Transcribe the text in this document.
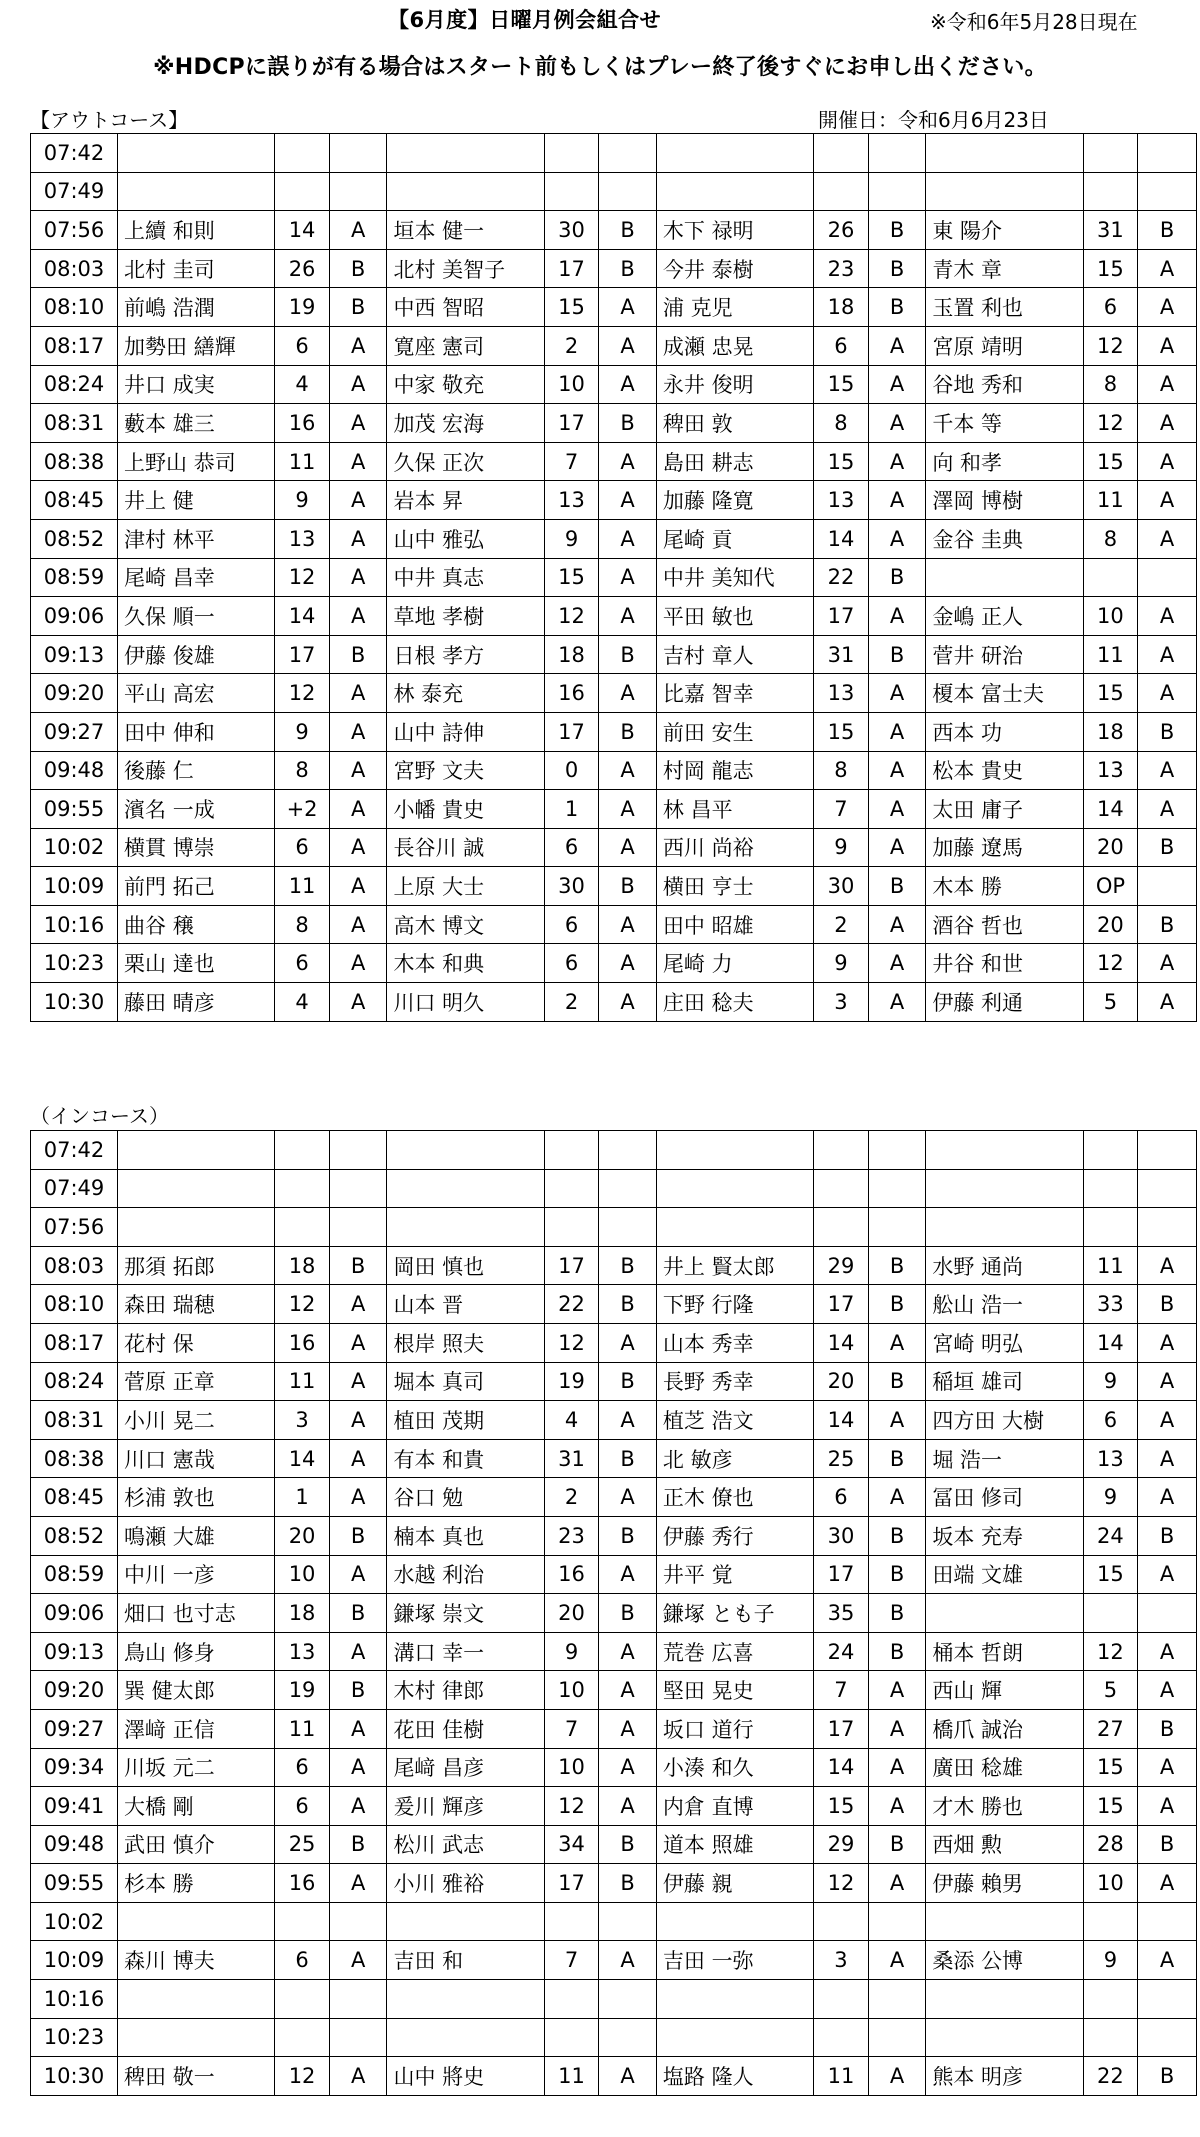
【6月度】日曜月例会組合せ	※令和6年5月28日現在
※HDCPに誤りが有る場合はスタート前もしくはプレー終了後すぐにお申し出ください。
【アウトコース】	開催日：令和6月6月23日
07:42												
07:49												
07:56	上續 和則	14	A	垣本 健一	30	B	木下 禄明	26	B	東 陽介	31	B
08:03	北村 圭司	26	B	北村 美智子	17	B	今井 泰樹	23	B	青木 章	15	A
08:10	前嶋 浩潤	19	B	中西 智昭	15	A	浦 克児	18	B	玉置 利也	6	A
08:17	加勢田 繕輝	6	A	寛座 憲司	2	A	成瀬 忠晃	6	A	宮原 靖明	12	A
08:24	井口 成実	4	A	中家 敬充	10	A	永井 俊明	15	A	谷地 秀和	8	A
08:31	藪本 雄三	16	A	加茂 宏海	17	B	稗田 敦	8	A	千本 等	12	A
08:38	上野山 恭司	11	A	久保 正次	7	A	島田 耕志	15	A	向 和孝	15	A
08:45	井上 健	9	A	岩本 昇	13	A	加藤 隆寛	13	A	澤岡 博樹	11	A
08:52	津村 林平	13	A	山中 雅弘	9	A	尾崎 貢	14	A	金谷 圭典	8	A
08:59	尾崎 昌幸	12	A	中井 真志	15	A	中井 美知代	22	B			
09:06	久保 順一	14	A	草地 孝樹	12	A	平田 敏也	17	A	金嶋 正人	10	A
09:13	伊藤 俊雄	17	B	日根 孝方	18	B	吉村 章人	31	B	菅井 研治	11	A
09:20	平山 高宏	12	A	林 泰充	16	A	比嘉 智幸	13	A	榎本 富士夫	15	A
09:27	田中 伸和	9	A	山中 詩伸	17	B	前田 安生	15	A	西本 功	18	B
09:48	後藤 仁	8	A	宮野 文夫	0	A	村岡 龍志	8	A	松本 貴史	13	A
09:55	濱名 一成	+2	A	小幡 貴史	1	A	林 昌平	7	A	太田 庸子	14	A
10:02	横貫 博崇	6	A	長谷川 誠	6	A	西川 尚裕	9	A	加藤 遼馬	20	B
10:09	前門 拓己	11	A	上原 大士	30	B	横田 亨士	30	B	木本 勝	OP	
10:16	曲谷 穣	8	A	高木 博文	6	A	田中 昭雄	2	A	酒谷 哲也	20	B
10:23	栗山 達也	6	A	木本 和典	6	A	尾崎 力	9	A	井谷 和世	12	A
10:30	藤田 晴彦	4	A	川口 明久	2	A	庄田 稔夫	3	A	伊藤 利通	5	A
（インコース）
07:42												
07:49												
07:56												
08:03	那須 拓郎	18	B	岡田 慎也	17	B	井上 賢太郎	29	B	水野 通尚	11	A
08:10	森田 瑞穂	12	A	山本 晋	22	B	下野 行隆	17	B	舩山 浩一	33	B
08:17	花村 保	16	A	根岸 照夫	12	A	山本 秀幸	14	A	宮崎 明弘	14	A
08:24	菅原 正章	11	A	堀本 真司	19	B	長野 秀幸	20	B	稲垣 雄司	9	A
08:31	小川 晃二	3	A	植田 茂期	4	A	植芝 浩文	14	A	四方田 大樹	6	A
08:38	川口 憲哉	14	A	有本 和貴	31	B	北 敏彦	25	B	堀 浩一	13	A
08:45	杉浦 敦也	1	A	谷口 勉	2	A	正木 僚也	6	A	冨田 修司	9	A
08:52	鳴瀬 大雄	20	B	楠本 真也	23	B	伊藤 秀行	30	B	坂本 充寿	24	B
08:59	中川 一彦	10	A	水越 利治	16	A	井平 覚	17	B	田端 文雄	15	A
09:06	畑口 也寸志	18	B	鎌塚 崇文	20	B	鎌塚 とも子	35	B			
09:13	鳥山 修身	13	A	溝口 幸一	9	A	荒巻 広喜	24	B	桶本 哲朗	12	A
09:20	巽 健太郎	19	B	木村 律郎	10	A	堅田 晃史	7	A	西山 輝	5	A
09:27	澤﨑 正信	11	A	花田 佳樹	7	A	坂口 道行	17	A	橋爪 誠治	27	B
09:34	川坂 元二	6	A	尾﨑 昌彦	10	A	小湊 和久	14	A	廣田 稔雄	15	A
09:41	大橋 剛	6	A	爰川 輝彦	12	A	内倉 直博	15	A	才木 勝也	15	A
09:48	武田 慎介	25	B	松川 武志	34	B	道本 照雄	29	B	西畑 勲	28	B
09:55	杉本 勝	16	A	小川 雅裕	17	B	伊藤 親	12	A	伊藤 賴男	10	A
10:02												
10:09	森川 博夫	6	A	吉田 和	7	A	吉田 一弥	3	A	桑添 公博	9	A
10:16												
10:23												
10:30	稗田 敬一	12	A	山中 將史	11	A	塩路 隆人	11	A	熊本 明彦	22	B
